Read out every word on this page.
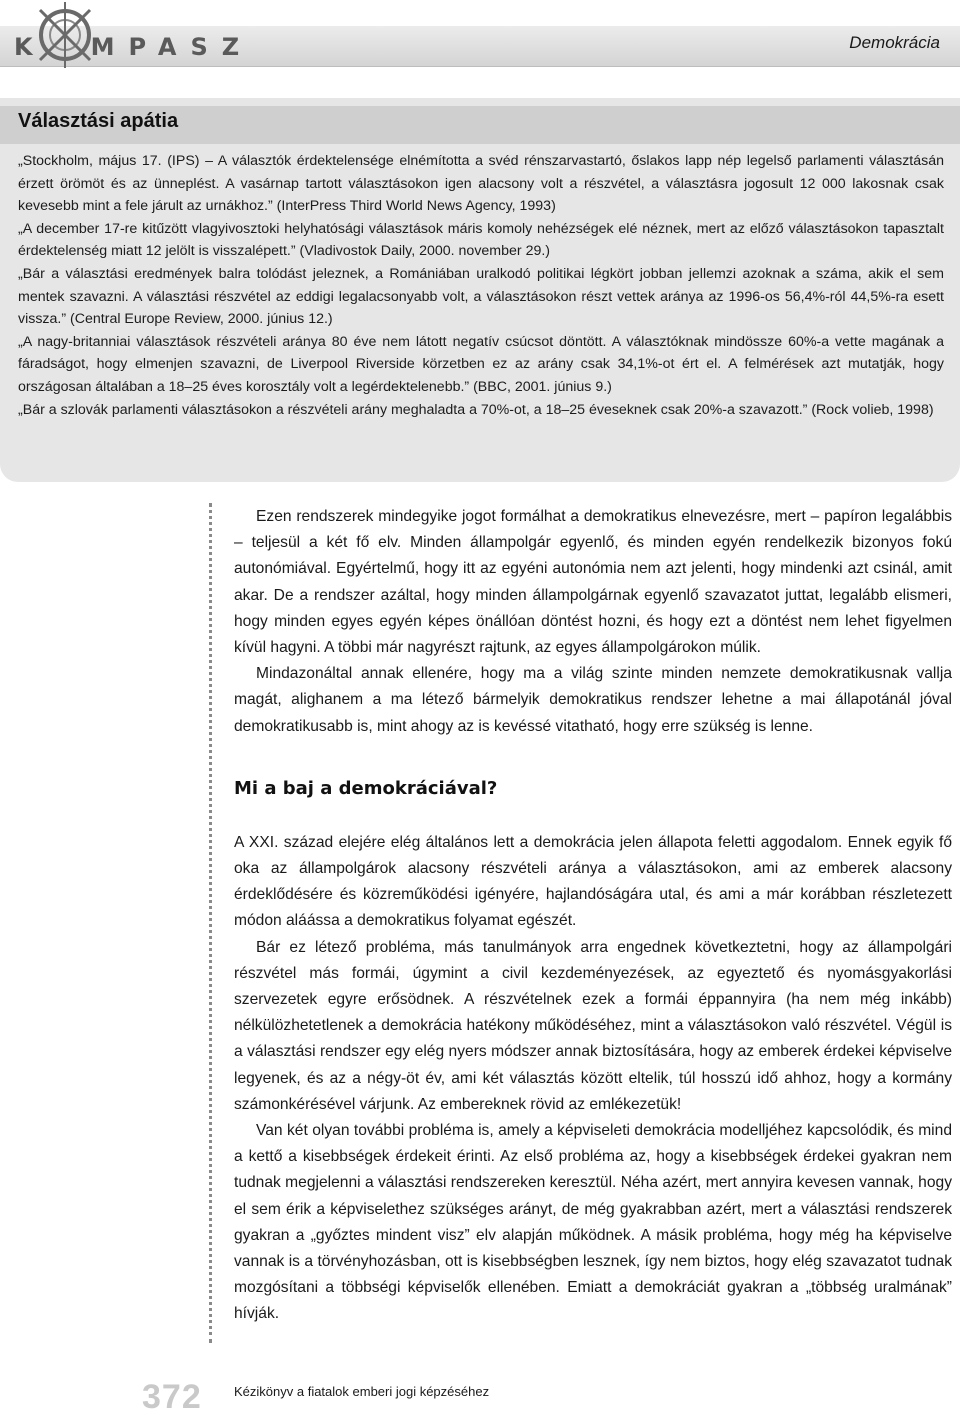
K MPASZ	Demokrácia
Választási apátia

„Stockholm, május 17. (IPS) – A választók érdektelensége elnémította a svéd rénszarvastartó, őslakos lapp nép legelső parlamenti választásán érzett örömöt és az ünneplést. A vasárnap tartott választásokon igen alacsony volt a részvétel, a választásra jogosult 12 000 lakosnak csak kevesebb mint a fele járult az urnákhoz.” (InterPress Third World News Agency, 1993)

„A december 17-re kitűzött vlagyivosztoki helyhatósági választások máris komoly nehézségek elé néznek, mert az előző választásokon tapasztalt érdektelenség miatt 12 jelölt is visszalépett.” (Vladivostok Daily, 2000. november 29.)

„Bár a választási eredmények balra tolódást jeleznek, a Romániában uralkodó politikai légkört jobban jellemzi azoknak a száma, akik el sem mentek szavazni. A választási részvétel az eddigi legalacsonyabb volt, a választásokon részt vettek aránya az 1996-os 56,4%-ról 44,5%-ra esett vissza.” (Central Europe Review, 2000. június 12.)

„A nagy-britanniai választások részvételi aránya 80 éve nem látott negatív csúcsot döntött. A választóknak mindössze 60%-a vette magának a fáradságot, hogy elmenjen szavazni, de Liverpool Riverside körzetben ez az arány csak 34,1%-ot ért el. A felmérések azt mutatják, hogy országosan általában a 18–25 éves korosztály volt a legérdektelenebb.” (BBC, 2001. június 9.)

„Bár a szlovák parlamenti választásokon a részvételi arány meghaladta a 70%-ot, a 18–25 éveseknek csak 20%-a szavazott.” (Rock volieb, 1998)

Ezen rendszerek mindegyike jogot formálhat a demokratikus elnevezésre, mert – papíron legalábbis – teljesül a két fő elv. Minden állampolgár egyenlő, és minden egyén rendelkezik bizonyos fokú autonómiával. Egyértelmű, hogy itt az egyéni autonómia nem azt jelenti, hogy mindenki azt csinál, amit akar. De a rendszer azáltal, hogy minden állampolgárnak egyenlő szavazatot juttat, legalább elismeri, hogy minden egyes egyén képes önállóan döntést hozni, és hogy ezt a döntést nem lehet figyelmen kívül hagyni. A többi már nagyrészt rajtunk, az egyes állampolgárokon múlik.

Mindazonáltal annak ellenére, hogy ma a világ szinte minden nemzete demokratikusnak vallja magát, alighanem a ma létező bármelyik demokratikus rendszer lehetne a mai állapotánál jóval demokratikusabb is, mint ahogy az is kevéssé vitatható, hogy erre szükség is lenne.

Mi a baj a demokráciával?

A XXI. század elejére elég általános lett a demokrácia jelen állapota feletti aggodalom. Ennek egyik fő oka az állampolgárok alacsony részvételi aránya a választásokon, ami az emberek alacsony érdeklődésére és közreműködési igényére, hajlandóságára utal, és ami a már korábban részletezett módon aláássa a demokratikus folyamat egészét.

Bár ez létező probléma, más tanulmányok arra engednek következtetni, hogy az állampolgári részvétel más formái, úgymint a civil kezdeményezések, az egyeztető és nyomásgyakorlási szervezetek egyre erősödnek. A részvételnek ezek a formái éppannyira (ha nem még inkább) nélkülözhetetlenek a demokrácia hatékony működéséhez, mint a választásokon való részvétel. Végül is a választási rendszer egy elég nyers módszer annak biztosítására, hogy az emberek érdekei képviselve legyenek, és az a négy-öt év, ami két választás között eltelik, túl hosszú idő ahhoz, hogy a kormány számonkérésével várjunk. Az embereknek rövid az emlékezetük!

Van két olyan további probléma is, amely a képviseleti demokrácia modelljéhez kapcsolódik, és mind a kettő a kisebbségek érdekeit érinti. Az első probléma az, hogy a kisebbségek érdekei gyakran nem tudnak megjelenni a választási rendszereken keresztül. Néha azért, mert annyira kevesen vannak, hogy el sem érik a képviselethez szükséges arányt, de még gyakrabban azért, mert a választási rendszerek gyakran a „győztes mindent visz” elv alapján működnek. A másik probléma, hogy még ha képviselve vannak is a törvényhozásban, ott is kisebbségben lesznek, így nem biztos, hogy elég szavazatot tudnak mozgósítani a többségi képviselők ellenében. Emiatt a demokráciát gyakran a „többség uralmának” hívják.

372 Kézikönyv a fiatalok emberi jogi képzéséhez
